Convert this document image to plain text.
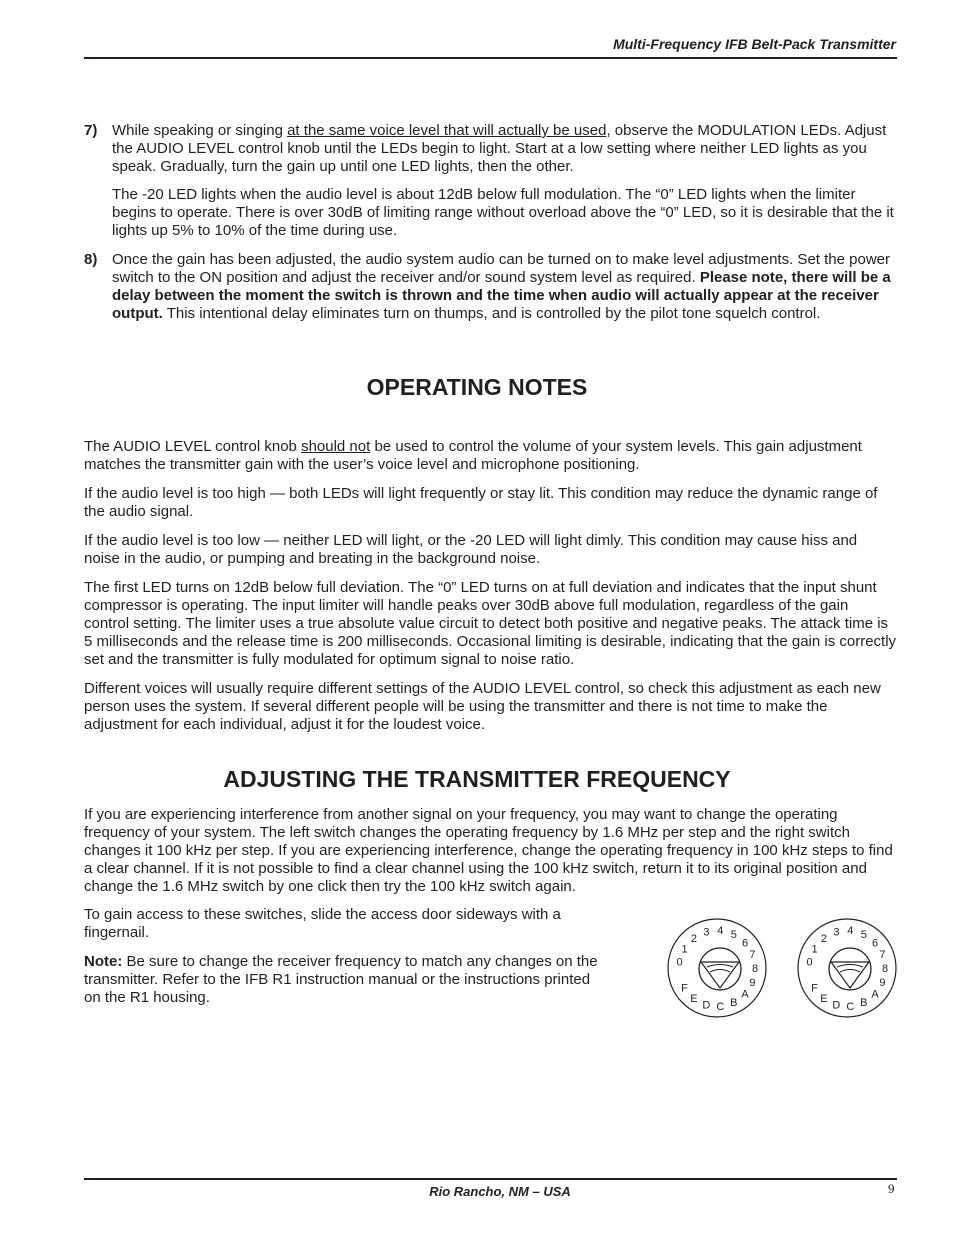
Multi-Frequency IFB Belt-Pack Transmitter
7) While speaking or singing at the same voice level that will actually be used, observe the MODULATION LEDs. Adjust the AUDIO LEVEL control knob until the LEDs begin to light. Start at a low setting where neither LED lights as you speak. Gradually, turn the gain up until one LED lights, then the other.

The -20 LED lights when the audio level is about 12dB below full modulation. The “0” LED lights when the limiter begins to operate. There is over 30dB of limiting range without overload above the “0” LED, so it is desirable that the it lights up 5% to 10% of the time during use.

8) Once the gain has been adjusted, the audio system audio can be turned on to make level adjustments. Set the power switch to the ON position and adjust the receiver and/or sound system level as required. Please note, there will be a delay between the moment the switch is thrown and the time when audio will actually appear at the receiver output. This intentional delay eliminates turn on thumps, and is controlled by the pilot tone squelch control.

OPERATING NOTES

The AUDIO LEVEL control knob should not be used to control the volume of your system levels. This gain adjustment matches the transmitter gain with the user’s voice level and microphone positioning.

If the audio level is too high — both LEDs will light frequently or stay lit. This condition may reduce the dynamic range of the audio signal.

If the audio level is too low — neither LED will light, or the -20 LED will light dimly. This condition may cause hiss and noise in the audio, or pumping and breating in the background noise.

The first LED turns on 12dB below full deviation. The “0” LED turns on at full deviation and indicates that the input shunt compressor is operating. The input limiter will handle peaks over 30dB above full modulation, regardless of the gain control setting. The limiter uses a true absolute value circuit to detect both positive and negative peaks. The attack time is 5 milliseconds and the release time is 200 milliseconds. Occasional limiting is desirable, indicating that the gain is correctly set and the transmitter is fully modulated for optimum signal to noise ratio.

Different voices will usually require different settings of the AUDIO LEVEL control, so check this adjustment as each new person uses the system. If several different people will be using the transmitter and there is not time to make the adjustment for each individual, adjust it for the loudest voice.

ADJUSTING THE TRANSMITTER FREQUENCY

If you are experiencing interference from another signal on your frequency, you may want to change the operating frequency of your system. The left switch changes the operating frequency by 1.6 MHz per step and the right switch changes it 100 kHz per step. If you are experiencing interference, change the operating frequency in 100 kHz steps to find a clear channel. If it is not possible to find a clear channel using the 100 kHz switch, return it to its original position and change the 1.6 MHz switch by one click then try the 100 kHz switch again.

To gain access to these switches, slide the access door sideways with a fingernail.

Note: Be sure to change the receiver frequency to match any changes on the transmitter. Refer to the IFB R1 instruction manual or the instructions printed on the R1 housing.

0
1
2
3 4 5
6
7
8
9
A
B
C
D
E
F
0
1
2
3 4 5
6
7
8
9
A
B
C
D
E
F
Rio Rancho, NM – USA	9
